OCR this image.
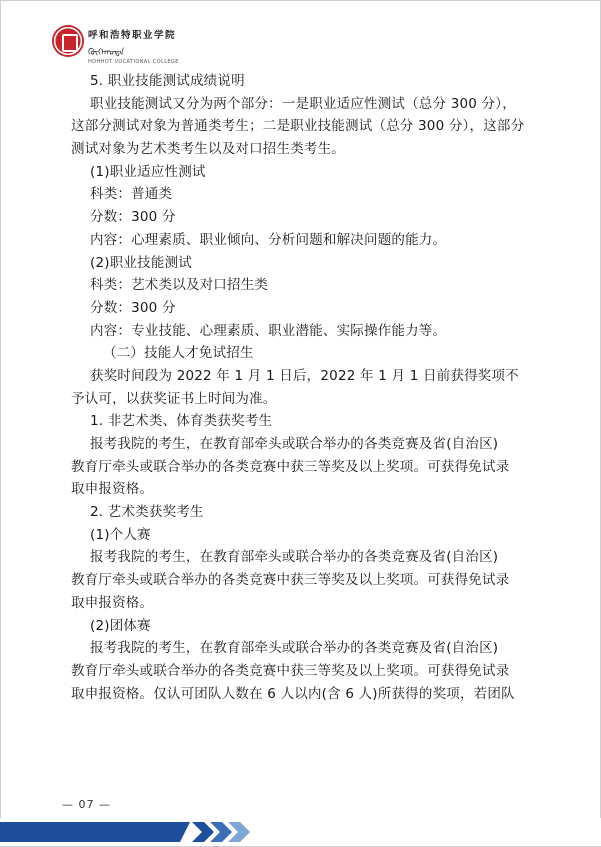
呼和浩特职业学院
ᠬᠥᠬᠡᠬᠣᠲᠠ
HOHHOT VOCATIONAL COLLEGE
5. 职业技能测试成绩说明
职业技能测试又分为两个部分：一是职业适应性测试（总分 300 分），
这部分测试对象为普通类考生；二是职业技能测试（总分 300 分），这部分
测试对象为艺术类考生以及对口招生类考生。
(1)职业适应性测试
科类：普通类
分数：300 分
内容：心理素质、职业倾向、分析问题和解决问题的能力。
(2)职业技能测试
科类：艺术类以及对口招生类
分数：300 分
内容：专业技能、心理素质、职业潜能、实际操作能力等。
（二）技能人才免试招生
获奖时间段为 2022 年 1 月 1 日后，2022 年 1 月 1 日前获得奖项不
予认可，以获奖证书上时间为准。
1. 非艺术类、体育类获奖考生
报考我院的考生，在教育部牵头或联合举办的各类竞赛及省(自治区)
教育厅牵头或联合举办的各类竞赛中获三等奖及以上奖项。可获得免试录
取申报资格。
2. 艺术类获奖考生
(1)个人赛
报考我院的考生，在教育部牵头或联合举办的各类竞赛及省(自治区)
教育厅牵头或联合举办的各类竞赛中获三等奖及以上奖项。可获得免试录
取申报资格。
(2)团体赛
报考我院的考生，在教育部牵头或联合举办的各类竞赛及省(自治区)
教育厅牵头或联合举办的各类竞赛中获三等奖及以上奖项。可获得免试录
取申报资格。仅认可团队人数在 6 人以内(含 6 人)所获得的奖项，若团队
— 07 —
